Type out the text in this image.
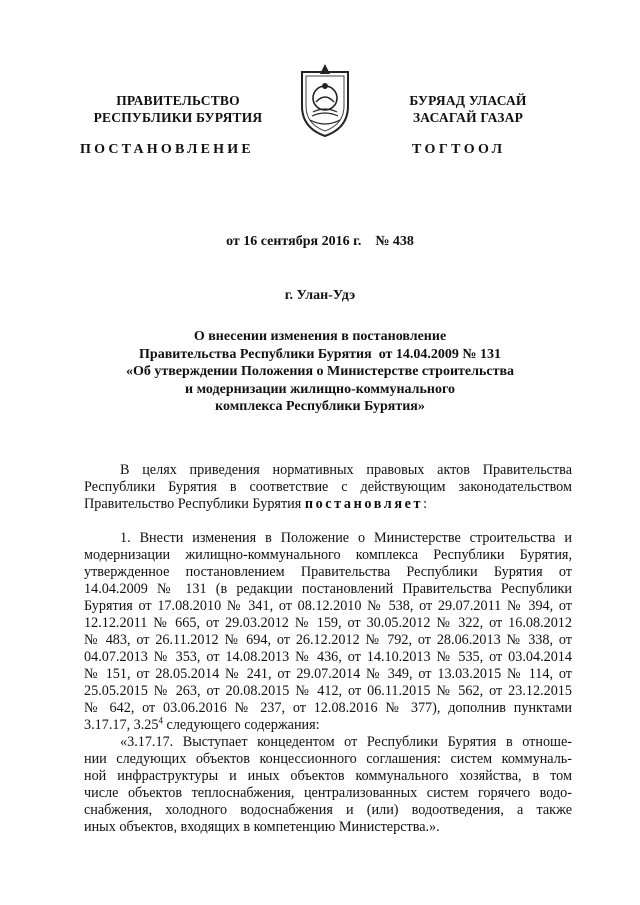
ПРАВИТЕЛЬСТВО
РЕСПУБЛИКИ БУРЯТИЯ
БУРЯАД УЛАСАЙ
ЗАСАГАЙ ГАЗАР
ПОСТАНОВЛЕНИЕ	ТОГТООЛ
от 16 сентября 2016 г.    № 438
г. Улан-Удэ
О внесении изменения в постановление
Правительства Республики Бурятия  от 14.04.2009 № 131
«Об утверждении Положения о Министерстве строительства
и модернизации жилищно-коммунального
комплекса Республики Бурятия»
В целях приведения нормативных правовых актов Правительства
Республики Бурятия в соответствие с действующим законодательством
Правительство Республики Бурятия постановляет:
1. Внести изменения в Положение о Министерстве строительства и
модернизации жилищно-коммунального комплекса Республики Бурятия,
утвержденное постановлением Правительства Республики Бурятия от
14.04.2009 № 131 (в редакции постановлений Правительства Республики
Бурятия от 17.08.2010 № 341, от 08.12.2010 № 538, от 29.07.2011 № 394, от
12.12.2011 № 665, от 29.03.2012 № 159, от 30.05.2012 № 322, от 16.08.2012
№ 483, от 26.11.2012 № 694, от 26.12.2012 № 792, от 28.06.2013 № 338, от
04.07.2013 № 353, от 14.08.2013 № 436, от 14.10.2013 № 535, от 03.04.2014
№ 151, от 28.05.2014 № 241, от 29.07.2014 № 349, от 13.03.2015 № 114, от
25.05.2015 № 263, от 20.08.2015 № 412, от 06.11.2015 № 562, от 23.12.2015
№ 642, от 03.06.2016 № 237, от 12.08.2016 № 377), дополнив пунктами
3.17.17, 3.25$^4$ следующего содержания:
«3.17.17. Выступает концедентом от Республики Бурятия в отноше-
нии следующих объектов концессионного соглашения: систем коммуналь-
ной инфраструктуры и иных объектов коммунального хозяйства, в том
числе объектов теплоснабжения, централизованных систем горячего водо-
снабжения, холодного водоснабжения и (или) водоотведения, а также
иных объектов, входящих в компетенцию Министерства.».
